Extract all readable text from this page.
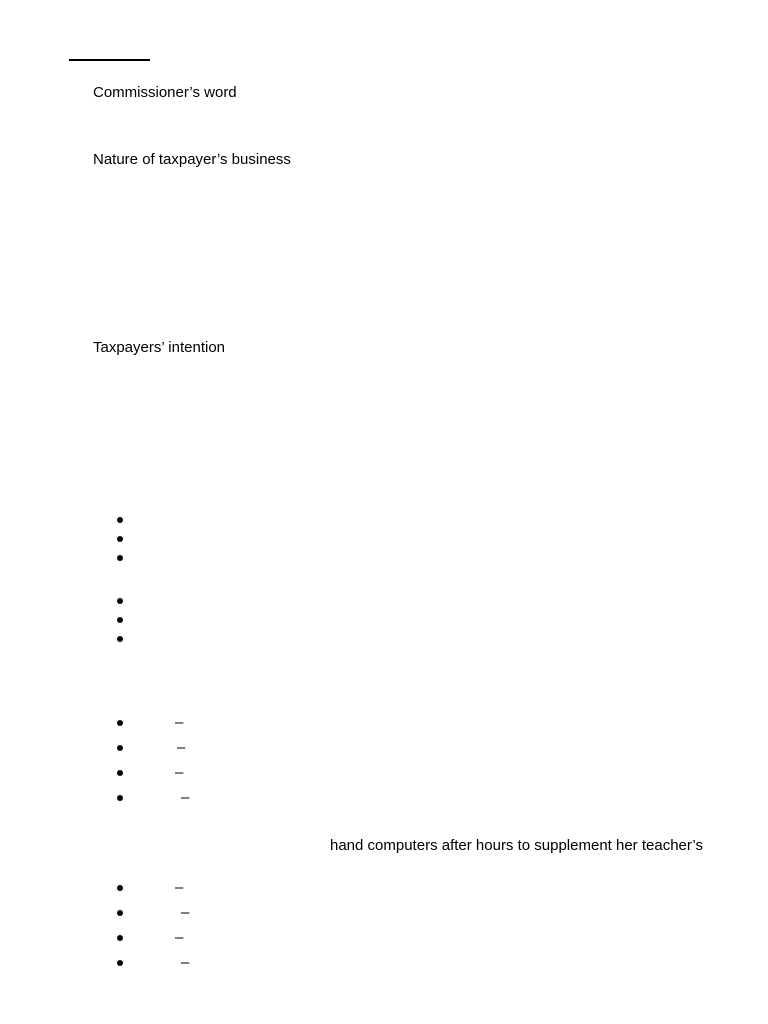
Commissioner’s word
Nature of taxpayer’s business
Taxpayers’ intention
–
–
–
–
hand computers after hours to supplement her teacher’s
–
–
–
–
